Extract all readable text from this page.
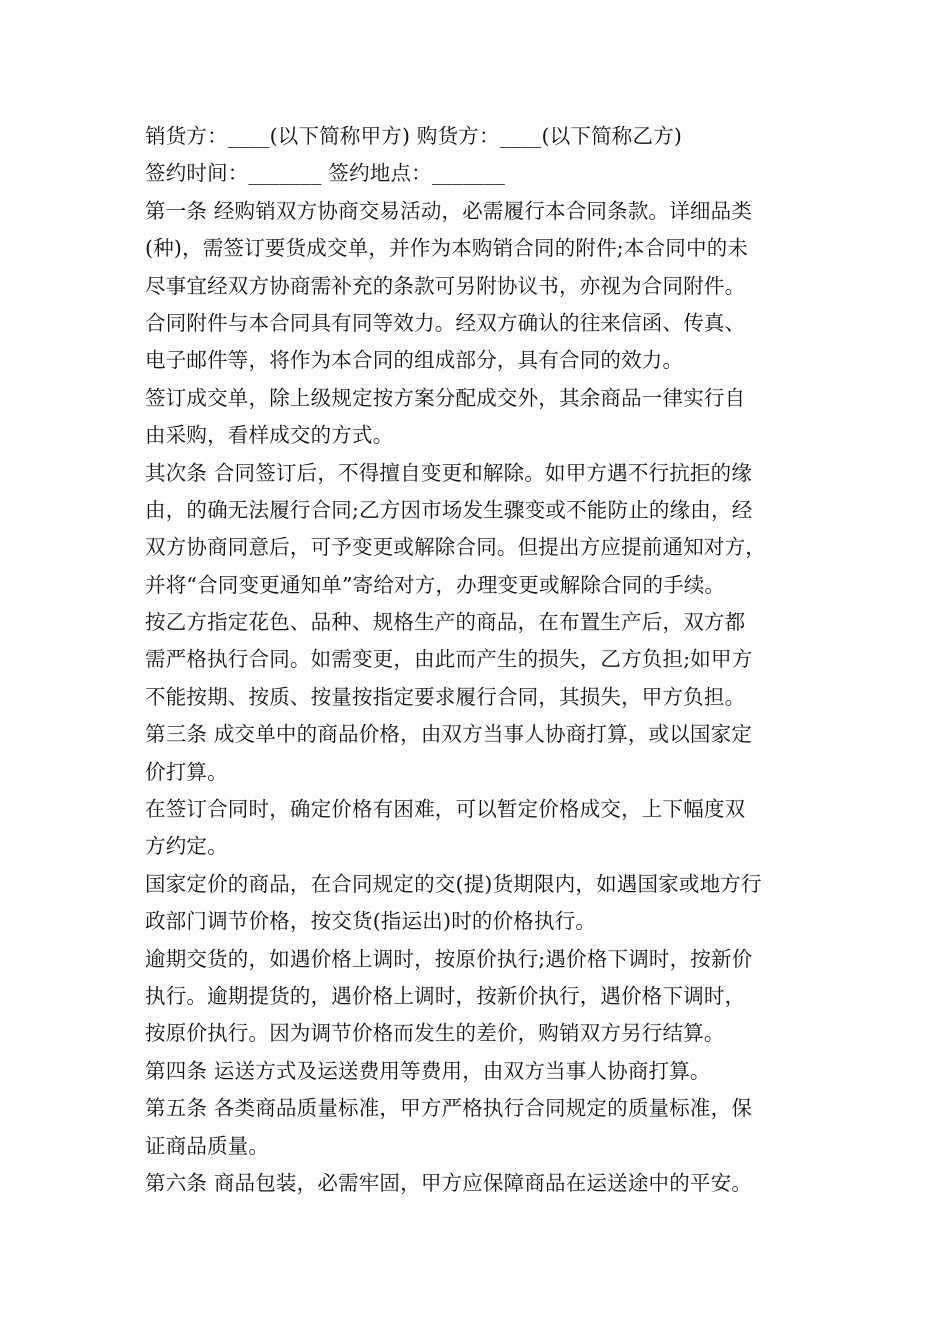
销货方：____(以下简称甲方) 购货方：____(以下简称乙方)
签约时间：_______ 签约地点：_______
第一条 经购销双方协商交易活动，必需履行本合同条款。详细品类
(种)，需签订要货成交单，并作为本购销合同的附件;本合同中的未
尽事宜经双方协商需补充的条款可另附协议书，亦视为合同附件。
合同附件与本合同具有同等效力。经双方确认的往来信函、传真、
电子邮件等，将作为本合同的组成部分，具有合同的效力。
签订成交单，除上级规定按方案分配成交外，其余商品一律实行自
由采购，看样成交的方式。
其次条 合同签订后，不得擅自变更和解除。如甲方遇不行抗拒的缘
由，的确无法履行合同;乙方因市场发生骤变或不能防止的缘由，经
双方协商同意后，可予变更或解除合同。但提出方应提前通知对方，
并将“合同变更通知单”寄给对方，办理变更或解除合同的手续。
按乙方指定花色、品种、规格生产的商品，在布置生产后，双方都
需严格执行合同。如需变更，由此而产生的损失，乙方负担;如甲方
不能按期、按质、按量按指定要求履行合同，其损失，甲方负担。
第三条 成交单中的商品价格，由双方当事人协商打算，或以国家定
价打算。
在签订合同时，确定价格有困难，可以暂定价格成交，上下幅度双
方约定。
国家定价的商品，在合同规定的交(提)货期限内，如遇国家或地方行
政部门调节价格，按交货(指运出)时的价格执行。
逾期交货的，如遇价格上调时，按原价执行;遇价格下调时，按新价
执行。逾期提货的，遇价格上调时，按新价执行，遇价格下调时，
按原价执行。因为调节价格而发生的差价，购销双方另行结算。
第四条 运送方式及运送费用等费用，由双方当事人协商打算。
第五条 各类商品质量标准，甲方严格执行合同规定的质量标准，保
证商品质量。
第六条 商品包装，必需牢固，甲方应保障商品在运送途中的平安。
